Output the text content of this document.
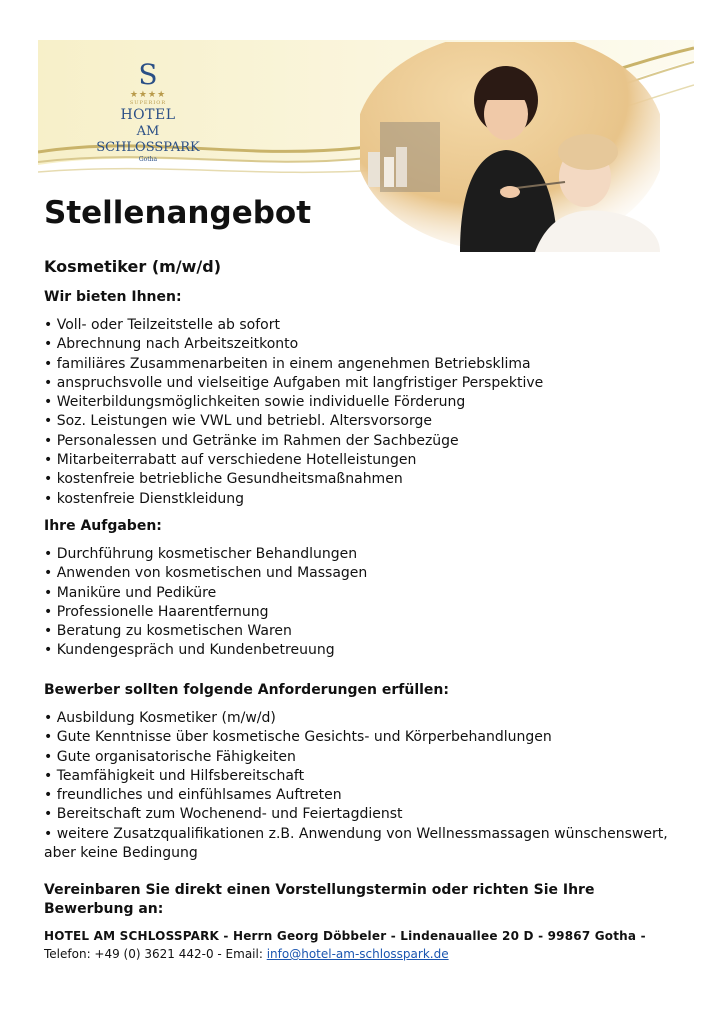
S
★★★★
SUPERIOR
HOTEL
AM SCHLOSSPARK
Gotha
Stellenangebot
Kosmetiker (m/w/d)
Wir bieten Ihnen:
• Voll- oder Teilzeitstelle ab sofort
• Abrechnung nach Arbeitszeitkonto
• familiäres Zusammenarbeiten in einem angenehmen Betriebsklima
• anspruchsvolle und vielseitige Aufgaben mit langfristiger Perspektive
• Weiterbildungsmöglichkeiten sowie individuelle Förderung
• Soz. Leistungen wie VWL und betriebl. Altersvorsorge
• Personalessen und Getränke im Rahmen der Sachbezüge
• Mitarbeiterrabatt auf verschiedene Hotelleistungen
• kostenfreie betriebliche Gesundheitsmaßnahmen
• kostenfreie Dienstkleidung
Ihre Aufgaben:
• Durchführung kosmetischer Behandlungen
• Anwenden von kosmetischen und Massagen
• Maniküre und Pediküre
• Professionelle Haarentfernung
• Beratung zu kosmetischen Waren
• Kundengespräch und Kundenbetreuung
Bewerber sollten folgende Anforderungen erfüllen:
• Ausbildung Kosmetiker (m/w/d)
• Gute Kenntnisse über kosmetische Gesichts- und Körperbehandlungen
• Gute organisatorische Fähigkeiten
• Teamfähigkeit und Hilfsbereitschaft
• freundliches und einfühlsames Auftreten
• Bereitschaft zum Wochenend- und Feiertagdienst
• weitere Zusatzqualifikationen z.B. Anwendung von Wellnessmassagen wünschenswert, aber keine Bedingung

Vereinbaren Sie direkt einen Vorstellungstermin oder richten Sie Ihre Bewerbung an:

HOTEL AM SCHLOSSPARK - Herrn Georg Döbbeler - Lindenauallee 20 D - 99867 Gotha -

Telefon: +49 (0) 3621 442-0 - Email: info@hotel-am-schlosspark.de
